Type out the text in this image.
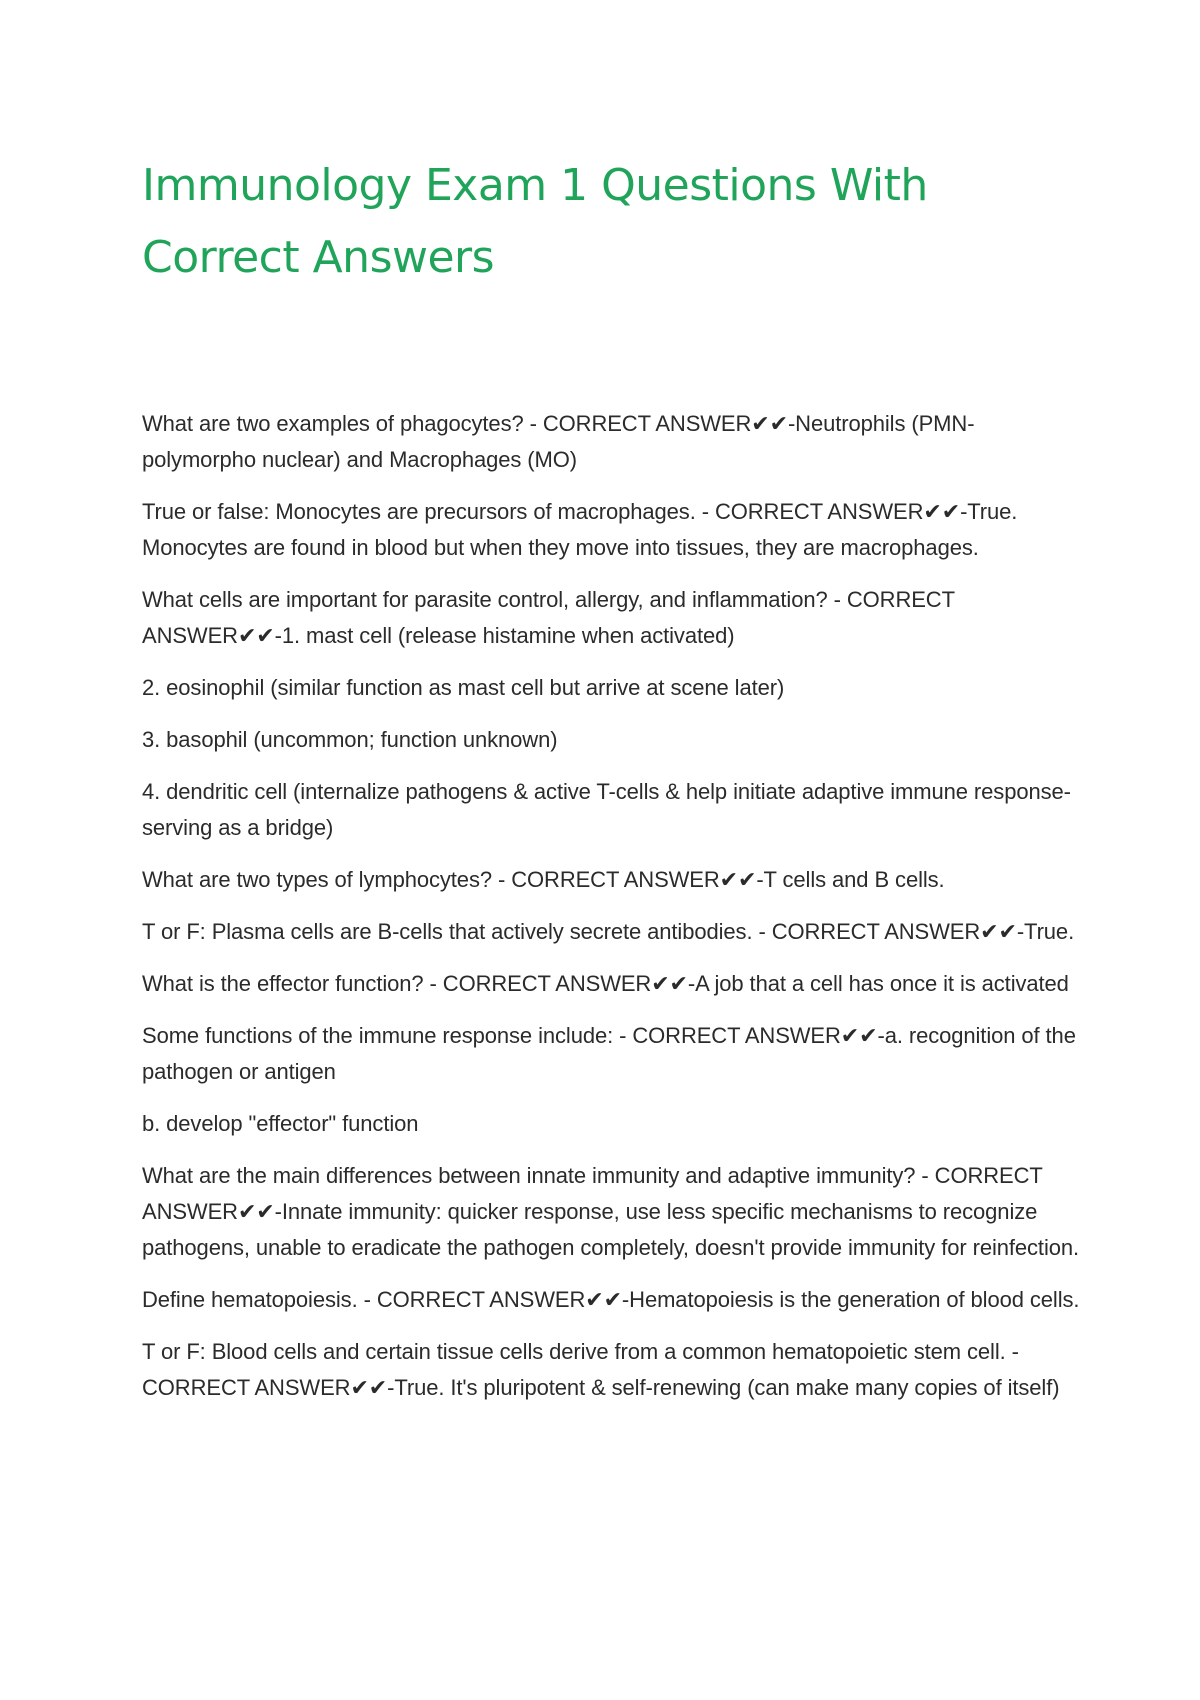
Immunology Exam 1 Questions With Correct Answers

What are two examples of phagocytes? - CORRECT ANSWER✔✔-Neutrophils (PMN-polymorpho nuclear) and Macrophages (MO)

True or false: Monocytes are precursors of macrophages. - CORRECT ANSWER✔✔-True. Monocytes are found in blood but when they move into tissues, they are macrophages.

What cells are important for parasite control, allergy, and inflammation? - CORRECT ANSWER✔✔-1. mast cell (release histamine when activated)

2. eosinophil (similar function as mast cell but arrive at scene later)

3. basophil (uncommon; function unknown)

4. dendritic cell (internalize pathogens & active T-cells & help initiate adaptive immune response-serving as a bridge)

What are two types of lymphocytes? - CORRECT ANSWER✔✔-T cells and B cells.

T or F: Plasma cells are B-cells that actively secrete antibodies. - CORRECT ANSWER✔✔-True.

What is the effector function? - CORRECT ANSWER✔✔-A job that a cell has once it is activated

Some functions of the immune response include: - CORRECT ANSWER✔✔-a. recognition of the pathogen or antigen

b. develop "effector" function

What are the main differences between innate immunity and adaptive immunity? - CORRECT ANSWER✔✔-Innate immunity: quicker response, use less specific mechanisms to recognize pathogens, unable to eradicate the pathogen completely, doesn't provide immunity for reinfection.

Define hematopoiesis. - CORRECT ANSWER✔✔-Hematopoiesis is the generation of blood cells.

T or F: Blood cells and certain tissue cells derive from a common hematopoietic stem cell. - CORRECT ANSWER✔✔-True. It's pluripotent & self-renewing (can make many copies of itself)
